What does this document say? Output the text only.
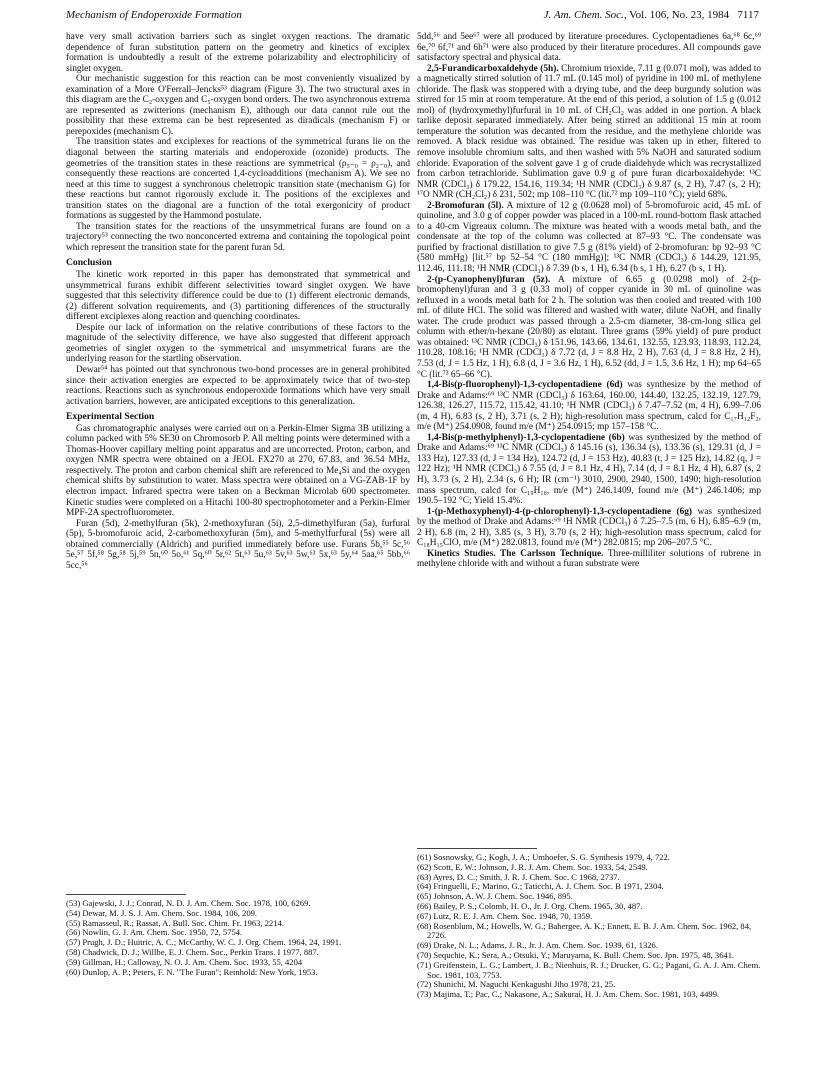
Mechanism of Endoperoxide Formation	J. Am. Chem. Soc., Vol. 106, No. 23, 1984 7117

have very small activation barriers such as singlet oxygen reactions. The dramatic dependence of furan substitution pattern on the geometry and kinetics of exciplex formation is undoubtedly a result of the extreme polarizability and electrophilicity of singlet oxygen.

Our mechanistic suggestion for this reaction can be most conveniently visualized by examination of a More O'Ferrall–Jencks⁵³ diagram (Figure 3). The two structural axes in this diagram are the C₂-oxygen and C₅-oxygen bond orders. The two asynchronous extrema are represented as zwitterions (mechanism E), although our data cannot rule out the possibility that these extrema can be best represented as diradicals (mechanism F) or perepoxides (mechanism C).

The transition states and exciplexes for reactions of the symmetrical furans lie on the diagonal between the starting materials and endoperoxide (ozonide) products. The geometries of the transition states in these reactions are symmetrical (ρ₅₋₀ = ρ₂₋₀), and consequently these reactions are concerted 1,4-cycloadditions (mechanism A). We see no need at this time to suggest a synchronous cheletropic transition state (mechanism G) for these reactions but cannot rigorously exclude it. The positions of the exciplexes and transition states on the diagonal are a function of the total exergonicity of product formations as suggested by the Hammond postulate.

The transition states for the reactions of the unsymmetrical furans are found on a trajectory⁵³ connecting the two nonconcerted extrema and containing the topological point which represent the transition state for the parent furan 5d.

Conclusion

The kinetic work reported in this paper has demonstrated that symmetrical and unsymmetrical furans exhibit different selectivities toward singlet oxygen. We have suggested that this selectivity difference could be due to (1) different electronic demands, (2) different solvation requirements, and (3) partitioning differences of the structurally different exciplexes along reaction and quenching coordinates.

Despite our lack of information on the relative contributions of these factors to the magnitude of the selectivity difference, we have also suggested that different approach geometries of singlet oxygen to the symmetrical and unsymmetrical furans are the underlying reason for the startling observation.

Dewar⁵⁴ has pointed out that synchronous two-bond processes are in general prohibited since their activation energies are expected to be approximately twice that of two-step reactions. Reactions such as synchronous endoperoxide formations which have very small activation barriers, however, are anticipated exceptions to this generalization.

Experimental Section

Gas chromatographic analyses were carried out on a Perkin-Elmer Sigma 3B utilizing a column packed with 5% SE30 on Chromosorb P. All melting points were determined with a Thomas-Hoover capillary melting point apparatus and are uncorrected. Proton, carbon, and oxygen NMR spectra were obtained on a JEOL FX270 at 270, 67.83, and 36.54 MHz, respectively. The proton and carbon chemical shift are referenced to Me₄Si and the oxygen chemical shifts by substitution to water. Mass spectra were obtained on a VG-ZAB-1F by electron impact. Infrared spectra were taken on a Beckman Microlab 600 spectrometer. Kinetic studies were completed on a Hitachi 100-80 spectrophotometer and a Perkin-Elmer MPF-2A spectrofluorometer.

Furan (5d), 2-methylfuran (5k), 2-methoxyfuran (5i), 2,5-dimethylfuran (5a), furfural (5p), 5-bromofuroic acid, 2-carbomethoxyfuran (5m), and 5-methylfurfural (5s) were all obtained commercially (Aldrich) and purified immediately before use. Furans 5b,⁵⁵ 5c,⁵⁶ 5e,⁵⁷ 5f,⁵⁸ 5g,⁵⁸ 5j,⁵⁹ 5n,⁶⁰ 5o,⁶¹ 5q,⁶⁰ 5r,⁶² 5t,⁶³ 5u,⁶³ 5v,⁶³ 5w,⁶³ 5x,⁶³ 5y,⁶⁴ 5aa,⁶⁵ 5bb,⁶⁶ 5cc,⁵⁶

(53) Gajewski, J. J.; Conrad, N. D. J. Am. Chem. Soc. 1978, 100, 6269.
(54) Dewar, M. J. S. J. Am. Chem. Soc. 1984, 106, 209.
(55) Ramasseul, R.; Rassat, A. Bull. Soc. Chim. Fr. 1963, 2214.
(56) Nowlin, G. J. Am. Chem. Soc. 1950, 72, 5754.
(57) Prugh, J. D.; Huitric, A. C.; McCarthy, W. C. J. Org. Chem. 1964, 24, 1991.
(58) Chadwick, D. J.; Willbe, E. J. Chem. Soc., Perkin Trans. I 1977, 887.
(59) Gillman, H.; Calloway, N. O. J. Am. Chem. Soc. 1933, 55, 4204
(60) Dunlop, A. P.; Peters, F. N. "The Furan"; Reinhold: New York, 1953.

5dd,⁵⁶ and 5ee⁶⁷ were all produced by literature procedures. Cyclopentadienes 6a,⁶⁸ 6c,⁶⁹ 6e,⁷⁰ 6f,⁷¹ and 6h⁷¹ were also produced by their literature procedures. All compounds gave satisfactory spectral and physical data.

2,5-Furandicarboxaldehyde (5h). Chromium trioxide, 7.11 g (0.071 mol), was added to a magnetically stirred solution of 11.7 mL (0.145 mol) of pyridine in 100 mL of methylene chloride. The flask was stoppered with a drying tube, and the deep burgundy solution was stirred for 15 min at room temperature. At the end of this period, a solution of 1.5 g (0.012 mol) of (hydroxymethyl)furfural in 10 mL of CH₂Cl₂ was added in one portion. A black tarlike deposit separated immediately. After being stirred an additional 15 min at room temperature the solution was decanted from the residue, and the methylene chloride was removed. A black residue was obtained. The residue was taken up in ether, filtered to remove insoluble chromium salts, and then washed with 5% NaOH and saturated sodium chloride. Evaporation of the solvent gave 1 g of crude dialdehyde which was recrystallized from carbon tetrachloride. Sublimation gave 0.9 g of pure furan dicarboxaldehyde: ¹³C NMR (CDCl₃) δ 179.22, 154.16, 119.34; ¹H NMR (CDCl₃) δ 9.87 (s, 2 H), 7.47 (s, 2 H); ¹⁷O NMR (CH₂Cl₂) δ 231, 502; mp 108–110 °C (lit.⁷² mp 109–110 °C); yield 68%.

2-Bromofuran (5l). A mixture of 12 g (0.0628 mol) of 5-bromofuroic acid, 45 mL of quinoline, and 3.0 g of copper powder was placed in a 100-mL round-bottom flask attached to a 40-cm Vigreaux column. The mixture was heated with a woods metal bath, and the condensate at the top of the column was collected at 87–93 °C. The condensate was purified by fractional distillation to give 7.5 g (81% yield) of 2-bromofuran: bp 92–93 °C (580 mmHg) [lit.⁵⁷ bp 52–54 °C (180 mmHg)]; ¹³C NMR (CDCl₃) δ 144.29, 121.95, 112.46, 111.18; ¹H NMR (CDCl₃) δ 7.39 (b s, 1 H), 6.34 (b s, 1 H), 6.27 (b s, 1 H).

2-(p-Cyanophenyl)furan (5z). A mixture of 6.65 g (0.0298 mol) of 2-(p-bromophenyl)furan and 3 g (0.33 mol) of copper cyanide in 30 mL of quinoline was refluxed in a woods metal bath for 2 h. The solution was then cooled and treated with 100 mL of dilute HCl. The solid was filtered and washed with water, dilute NaOH, and finally water. The crude product was passed through a 2.5-cm diameter, 38-cm-long silica gel column with ether/n-hexane (20/80) as elutant. Three grams (59% yield) of pure product was obtained: ¹³C NMR (CDCl₃) δ 151.96, 143.66, 134.61, 132.55, 123.93, 118.93, 112.24, 110.28, 108.16; ¹H NMR (CDCl₃) δ 7.72 (d, J = 8.8 Hz, 2 H), 7.63 (d, J = 8.8 Hz, 2 H), 7.53 (d, J = 1.5 Hz, 1 H), 6.8 (d, J = 3.6 Hz, 1 H), 6.52 (dd, J = 1.5, 3.6 Hz, 1 H); mp 64–65 °C (lit.⁷³ 65–66 °C).

1,4-Bis(p-fluorophenyl)-1,3-cyclopentadiene (6d) was synthesize by the method of Drake and Adams:⁶⁹ ¹³C NMR (CDCl₃) δ 163.64, 160.00, 144.40, 132.25, 132.19, 127.79, 126.38, 126.27, 115.72, 115.42, 41.10; ¹H NMR (CDCl₃) δ 7.47–7.52 (m, 4 H), 6.99–7.06 (m, 4 H), 6.83 (s, 2 H), 3.71 (s, 2 H); high-resolution mass spectrum, calcd for C₁₇H₁₂F₂, m/e (M⁺) 254.0908, found m/e (M⁺) 254.0915; mp 157–158 °C.

1,4-Bis(p-methylphenyl)-1,3-cyclopentadiene (6b) was synthesized by the method of Drake and Adams:⁶⁹ ¹³C NMR (CDCl₃) δ 145.16 (s), 136.34 (s), 133.36 (s), 129.31 (d, J = 133 Hz), 127.33 (d, J = 134 Hz), 124.72 (d, J = 153 Hz), 40.83 (t, J = 125 Hz), 14.82 (q, J = 122 Hz); ¹H NMR (CDCl₃) δ 7.55 (d, J = 8.1 Hz, 4 H), 7.14 (d, J = 8.1 Hz, 4 H), 6.87 (s, 2 H), 3.73 (s, 2 H), 2.34 (s, 6 H); IR (cm⁻¹) 3010, 2900, 2940, 1500, 1490; high-resolution mass spectrum, calcd for C₁₉H₁₈, m/e (M⁺) 246.1409, found m/e (M⁺) 246.1406; mp 190.5–192 °C; Yield 15.4%.

1-(p-Methoxyphenyl)-4-(p-chlorophenyl)-1,3-cyclopentadiene (6g) was synthesized by the method of Drake and Adams:⁶⁹ ¹H NMR (CDCl₃) δ 7.25–7.5 (m, 6 H), 6.85–6.9 (m, 2 H), 6.8 (m, 2 H), 3.85 (s, 3 H), 3.70 (s, 2 H); high-resolution mass spectrum, calcd for C₁₈H₁₅ClO, m/e (M⁺) 282.0813, found m/e (M⁺) 282.0815; mp 206–207.5 °C.

Kinetics Studies. The Carlsson Technique. Three-milliliter solutions of rubrene in methylene chloride with and without a furan substrate were

(61) Sosnowsky, G.; Kogh, J. A.; Umhoefer, S. G. Synthesis 1979, 4, 722.
(62) Scott, E. W.; Johnson, J. R. J. Am. Chem. Soc. 1933, 54, 2549.
(63) Ayres, D. C.; Smith, J. R. J. Chem. Soc. C 1968, 2737.
(64) Fringuelli, F.; Marino, G.; Taticchi, A. J. Chem. Soc. B 1971, 2304.
(65) Johnson, A. W. J. Chem. Soc. 1946, 895.
(66) Bailey, P. S.; Colomb, H. O., Jr. J. Org. Chem. 1965, 30, 487.
(67) Lutz, R. E. J. Am. Chem. Soc. 1948, 70, 1359.
(68) Rosenblum, M.; Howells, W. G.; Bahergee, A. K.; Ennett, E. B. J. Am. Chem. Soc. 1962, 84, 2726.
(69) Drake, N. L.; Adams, J. R., Jr. J. Am. Chem. Soc. 1939, 61, 1326.
(70) Sequchie, K.; Sera, A.; Otsuki, Y.; Maruyama, K. Bull. Chem. Soc. Jpn. 1975, 48, 3641.
(71) Greifenstein, L. G.; Lambert, J. B.; Nienhuis, R. J.; Drucker, G. G.; Pagani, G. A. J. Am. Chem. Soc. 1981, 103, 7753.
(72) Shunichi, M. Naguchi Kenkagushi Jiho 1978, 21, 25.
(73) Majima, T.; Pac, C.; Nakasone, A.; Sakurai, H. J. Am. Chem. Soc. 1981, 103, 4499.
